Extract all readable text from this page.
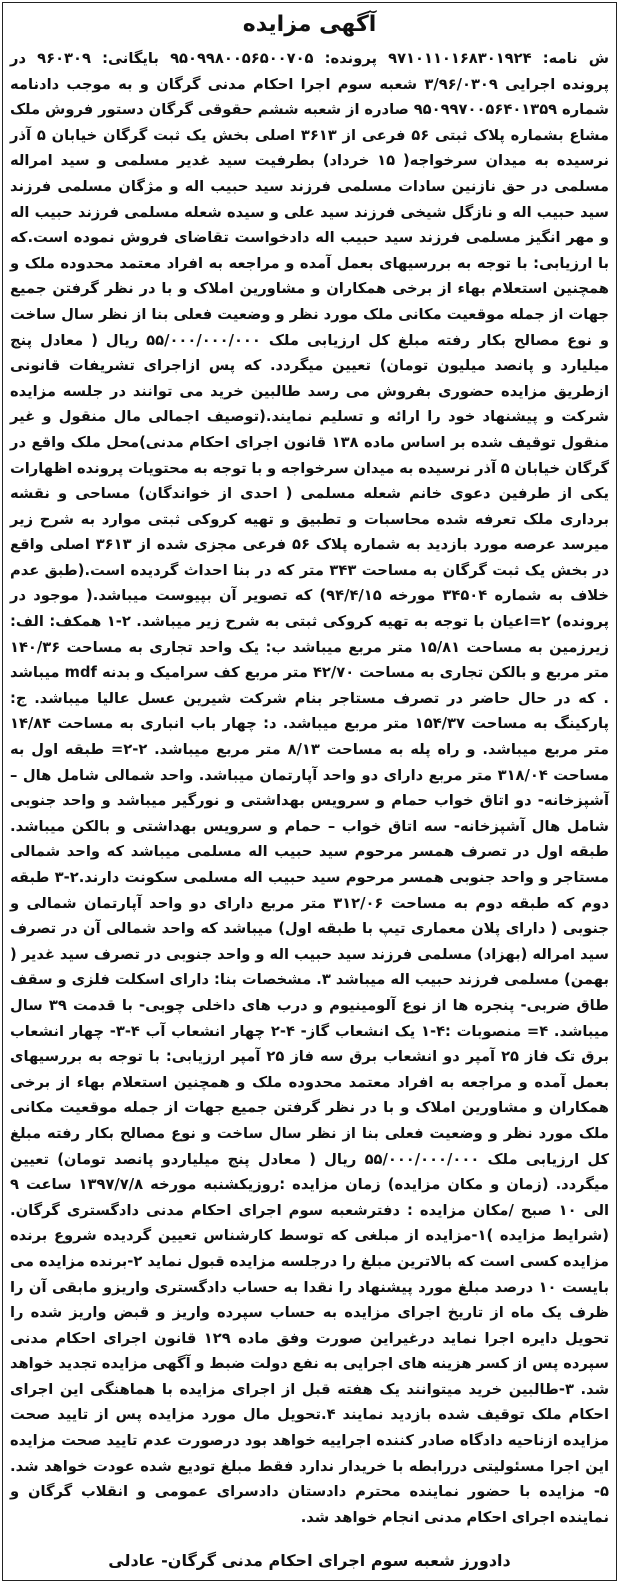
آگهی مزایده

ش نامه: ۹۷۱۰۱۱۰۱۶۸۳۰۱۹۲۴ پرونده: ۹۵۰۹۹۸۰۰۵۶۵۰۰۷۰۵ بایگانی: ۹۶۰۳۰۹ در پرونده اجرایی ۳/۹۶/۰۳۰۹ شعبه سوم اجرا احکام مدنی گرگان و به موجب دادنامه شماره ۹۵۰۹۹۷۰۰۵۶۴۰۱۳۵۹ صادره از شعبه ششم حقوقی گرگان دستور فروش ملک مشاع بشماره پلاک ثبتی ۵۶ فرعی از ۳۶۱۳ اصلی بخش یک ثبت گرگان خیابان ۵ آذر نرسیده به میدان سرخواجه( ۱۵ خرداد) بطرفیت سید غدیر مسلمی و سید امراله مسلمی در حق نازنین سادات مسلمی فرزند سید حبیب اله و مژگان مسلمی فرزند سید حبیب اله و نازگل شیخی فرزند سید علی و سیده شعله مسلمی فرزند حبیب اله و مهر انگیز مسلمی فرزند سید حبیب اله دادخواست تقاضای فروش نموده است.که با ارزیابی: با توجه به بررسیهای بعمل آمده و مراجعه به افراد معتمد محدوده ملک و همچنین استعلام بهاء از برخی همکاران و مشاورین املاک و با در نظر گرفتن جمیع جهات از جمله موقعیت مکانی ملک مورد نظر و وضعیت فعلی بنا از نظر سال ساخت و نوع مصالح بکار رفته مبلغ کل ارزیابی ملک ۵۵/۰۰۰/۰۰۰/۰۰۰ ریال ( معادل پنج میلیارد و پانصد میلیون تومان) تعیین میگردد. که پس ازاجرای تشریفات قانونی ازطریق مزایده حضوری بفروش می رسد طالبین خرید می توانند در جلسه مزایده شرکت و پیشنهاد خود را ارائه و تسلیم نمایند.(توصیف اجمالی مال منقول و غیر منقول توقیف شده بر اساس ماده ۱۳۸ قانون اجرای احکام مدنی)محل ملک واقع در گرگان خیابان ۵ آذر نرسیده به میدان سرخواجه و با توجه به محتویات پرونده اظهارات یکی از طرفین دعوی خانم شعله مسلمی ( احدی از خواندگان) مساحی و نقشه برداری ملک تعرفه شده محاسبات و تطبیق و تهیه کروکی ثبتی موارد به شرح زیر میرسد عرصه مورد بازدید به شماره پلاک ۵۶ فرعی مجزی شده از ۳۶۱۳ اصلی واقع در بخش یک ثبت گرگان به مساحت ۳۴۳ متر که در بنا احداث گردیده است.(طبق عدم خلاف به شماره ۳۴۵۰۴ مورخه ۹۴/۴/۱۵) که تصویر آن بپیوست میباشد.( موجود در پرونده) ۲=اعیان با توجه به تهیه کروکی ثبتی به شرح زیر میباشد. ۲-۱ همکف: الف: زیرزمین به مساحت ۱۵/۸۱ متر مربع میباشد ب: یک واحد تجاری به مساحت ۱۴۰/۳۶ متر مربع و بالکن تجاری به مساحت ۴۲/۷۰ متر مربع کف سرامیک و بدنه mdf میباشد . که در حال حاضر در تصرف مستاجر بنام شرکت شیرین عسل عالیا میباشد. ج: پارکینگ به مساحت ۱۵۴/۳۷ متر مربع میباشد. د: چهار باب انباری به مساحت ۱۴/۸۴ متر مربع میباشد. و راه پله به مساحت ۸/۱۳ متر مربع میباشد. ۲-۲= طبقه اول به مساحت ۳۱۸/۰۴ متر مربع دارای دو واحد آپارتمان میباشد. واحد شمالی شامل هال – آشپزخانه- دو اتاق خواب حمام و سرویس بهداشتی و نورگیر میباشد و واحد جنوبی شامل هال آشپزخانه- سه اتاق خواب – حمام و سرویس بهداشتی و بالکن میباشد. طبقه اول در تصرف همسر مرحوم سید حبیب اله مسلمی میباشد که واحد شمالی مستاجر و واحد جنوبی همسر مرحوم سید حبیب اله مسلمی سکونت دارند.۲-۳ طبقه دوم که طبقه دوم به مساحت ۳۱۲/۰۶ متر مربع دارای دو واحد آپارتمان شمالی و جنوبی ( دارای پلان معماری تیپ با طبقه اول) میباشد که واحد شمالی آن در تصرف سید امراله (بهزاد) مسلمی فرزند سید حبیب اله و واحد جنوبی در تصرف سید غدیر ( بهمن) مسلمی فرزند حبیب اله میباشد ۳. مشخصات بنا: دارای اسکلت فلزی و سقف طاق ضربی- پنجره ها از نوع آلومینیوم و درب های داخلی چوبی- با قدمت ۳۹ سال میباشد. ۴= منصوبات :۴-۱ یک انشعاب گاز- ۴-۲ چهار انشعاب آب ۴-۳- چهار انشعاب برق تک فاز ۲۵ آمپر دو انشعاب برق سه فاز ۲۵ آمپر ارزیابی: با توجه به بررسیهای بعمل آمده و مراجعه به افراد معتمد محدوده ملک و همچنین استعلام بهاء از برخی همکاران و مشاورین املاک و با در نظر گرفتن جمیع جهات از جمله موقعیت مکانی ملک مورد نظر و وضعیت فعلی بنا از نظر سال ساخت و نوع مصالح بکار رفته مبلغ کل ارزیابی ملک ۵۵/۰۰۰/۰۰۰/۰۰۰ ریال ( معادل پنج میلیاردو پانصد تومان) تعیین میگردد. (زمان و مکان مزایده) زمان مزایده :روزیکشنبه مورخه ۱۳۹۷/۷/۸ ساعت ۹ الی ۱۰ صبح /مکان مزایده : دفترشعبه سوم اجرای احکام مدنی دادگستری گرگان.(شرایط مزایده )۱-مزایده از مبلغی که توسط کارشناس تعیین گردیده شروع برنده مزایده کسی است که بالاترین مبلغ را درجلسه مزایده قبول نماید ۲-برنده مزایده می بایست ۱۰ درصد مبلغ مورد پیشنهاد را نقدا به حساب دادگستری واریزو مابقی آن را ظرف یک ماه از تاریخ اجرای مزایده به حساب سپرده واریز و قبض واریز شده را تحویل دایره اجرا نماید درغیراین صورت وفق ماده ۱۲۹ قانون اجرای احکام مدنی سپرده پس از کسر هزینه های اجرایی به نفع دولت ضبط و آگهی مزایده تجدید خواهد شد. ۳-طالبین خرید میتوانند یک هفته قبل از اجرای مزایده با هماهنگی این اجرای احکام ملک توقیف شده بازدید نمایند ۴.تحویل مال مورد مزایده پس از تایید صحت مزایده ازناحیه دادگاه صادر کننده اجراییه خواهد بود درصورت عدم تایید صحت مزایده این اجرا مسئولیتی دررابطه با خریدار ندارد فقط مبلغ تودیع شده عودت خواهد شد. ۵- مزایده با حضور نماینده محترم دادستان دادسرای عمومی و انقلاب گرگان و نماینده اجرای احکام مدنی انجام خواهد شد.

دادورز شعبه سوم اجرای احکام مدنی گرگان- عادلی
